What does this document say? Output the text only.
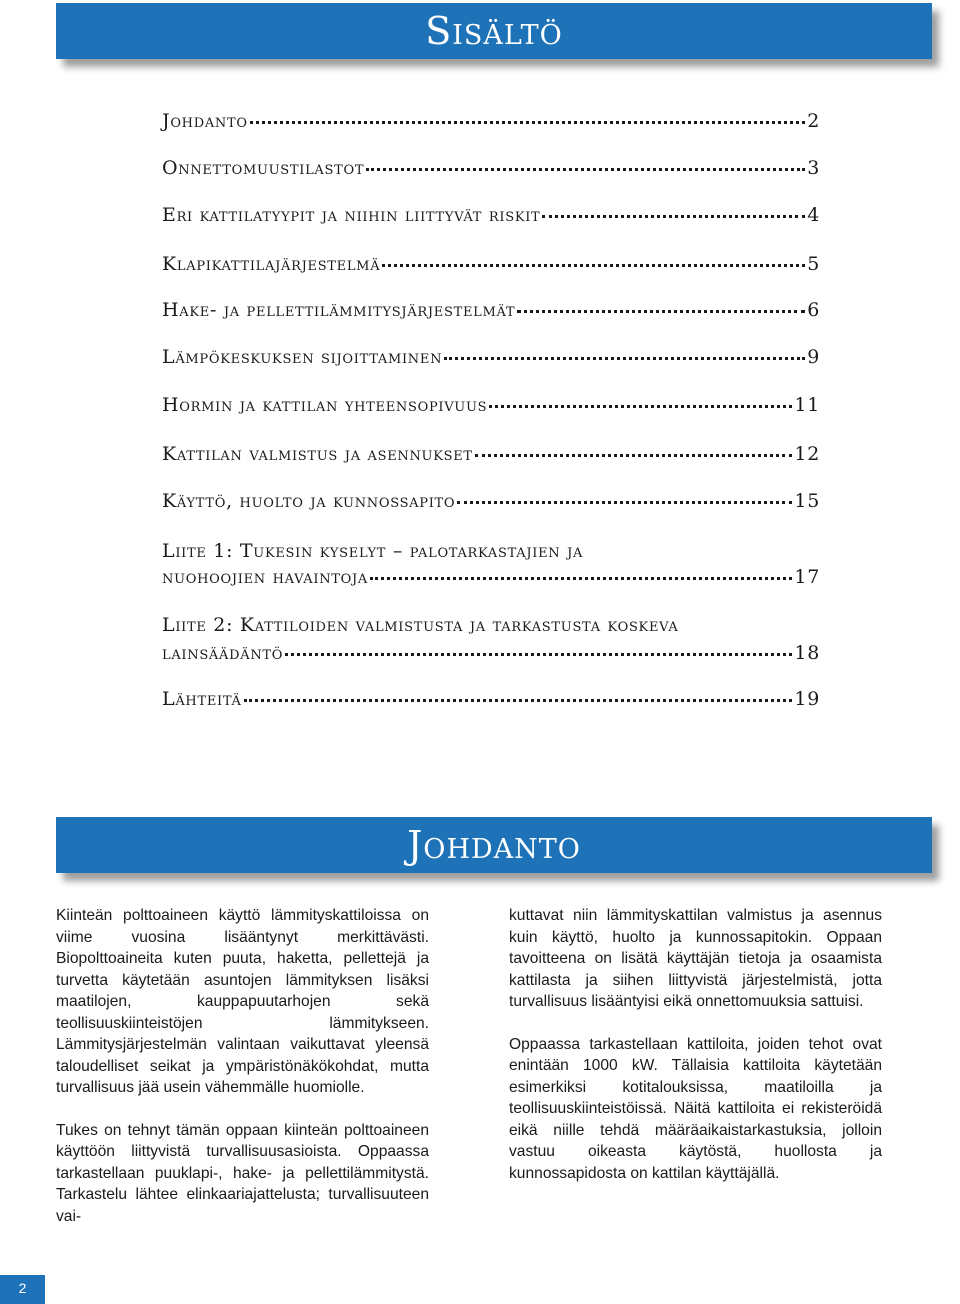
Sisältö
Johdanto	2
Onnettomuustilastot	3
Eri kattilatyypit ja niihin liittyvät riskit	4
Klapikattilajärjestelmä	5
Hake- ja pellettilämmitysjärjestelmät	6
Lämpökeskuksen sijoittaminen	9
Hormin ja kattilan yhteensopivuus	11
Kattilan valmistus ja asennukset	12
Käyttö, huolto ja kunnossapito	15
Liite 1: Tukesin kyselyt – palotarkastajien ja
nuohoojien havaintoja	17
Liite 2: Kattiloiden valmistusta ja tarkastusta koskeva
lainsäädäntö	18
Lähteitä	19
Johdanto

Kiinteän polttoaineen käyttö lämmityskattiloissa on viime vuosina lisääntynyt merkittävästi. Biopolttoaineita kuten puuta, haketta, pellettejä ja turvetta käytetään asuntojen lämmityksen lisäksi maatilojen, kauppapuutarhojen sekä teollisuuskiinteistöjen lämmitykseen. Lämmitysjärjestelmän valintaan vaikuttavat yleensä taloudelliset seikat ja ympäristönäkökohdat, mutta turvallisuus jää usein vähemmälle huomiolle.

Tukes on tehnyt tämän oppaan kiinteän polttoaineen käyttöön liittyvistä turvallisuusasioista. Oppaassa tarkastellaan puuklapi-, hake- ja pellettilämmitystä. Tarkastelu lähtee elinkaariajattelusta; turvallisuuteen vai-

kuttavat niin lämmityskattilan valmistus ja asennus kuin käyttö, huolto ja kunnossapitokin. Oppaan tavoitteena on lisätä käyttäjän tietoja ja osaamista kattilasta ja siihen liittyvistä järjestelmistä, jotta turvallisuus lisääntyisi eikä onnettomuuksia sattuisi.

Oppaassa tarkastellaan kattiloita, joiden tehot ovat enintään 1000 kW. Tällaisia kattiloita käytetään esimerkiksi kotitalouksissa, maatiloilla ja teollisuuskiinteistöissä. Näitä kattiloita ei rekisteröidä eikä niille tehdä määräaikaistarkastuksia, jolloin vastuu oikeasta käytöstä, huollosta ja kunnossapidosta on kattilan käyttäjällä.

2
